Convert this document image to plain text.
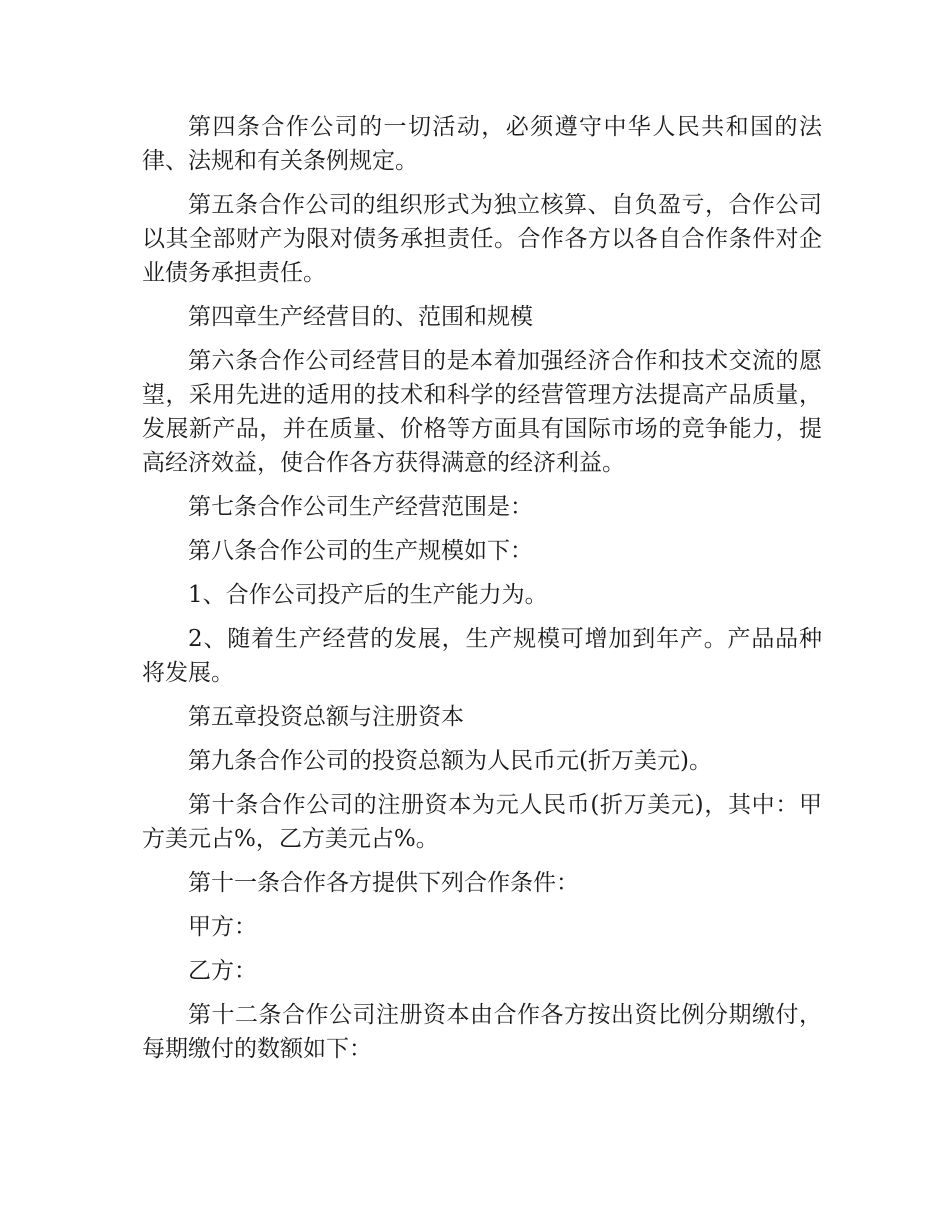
第四条合作公司的一切活动，必须遵守中华人民共和国的法律、法规和有关条例规定。

第五条合作公司的组织形式为独立核算、自负盈亏，合作公司以其全部财产为限对债务承担责任。合作各方以各自合作条件对企业债务承担责任。

第四章生产经营目的、范围和规模

第六条合作公司经营目的是本着加强经济合作和技术交流的愿望，采用先进的适用的技术和科学的经营管理方法提高产品质量，发展新产品，并在质量、价格等方面具有国际市场的竞争能力，提高经济效益，使合作各方获得满意的经济利益。

第七条合作公司生产经营范围是：

第八条合作公司的生产规模如下：

1、合作公司投产后的生产能力为。

2、随着生产经营的发展，生产规模可增加到年产。产品品种将发展。

第五章投资总额与注册资本

第九条合作公司的投资总额为人民币元(折万美元)。

第十条合作公司的注册资本为元人民币(折万美元)，其中：甲方美元占%，乙方美元占%。

第十一条合作各方提供下列合作条件：

甲方：

乙方：

第十二条合作公司注册资本由合作各方按出资比例分期缴付，每期缴付的数额如下：
